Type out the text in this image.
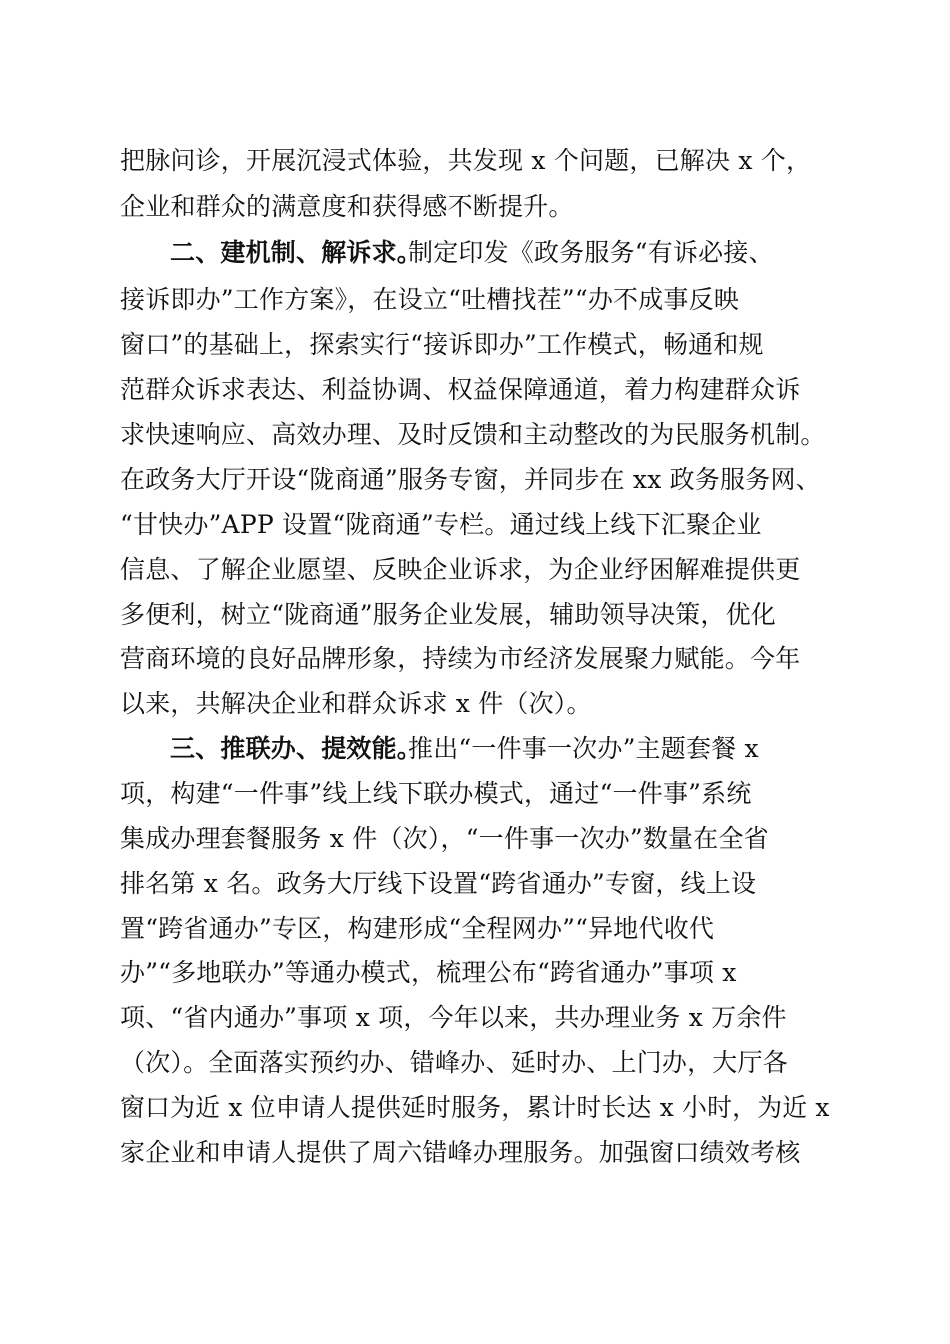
把脉问诊，开展沉浸式体验，共发现 x 个问题，已解决 x 个，
企业和群众的满意度和获得感不断提升。
二、建机制、解诉求。
制定印发《政务服务“有诉必接、
接诉即办”工作方案》，在设立“吐槽找茬”“办不成事反映
窗口”的基础上，探索实行“接诉即办”工作模式，畅通和规
范群众诉求表达、利益协调、权益保障通道，着力构建群众诉
求快速响应、高效办理、及时反馈和主动整改的为民服务机制。
在政务大厅开设“陇商通”服务专窗，并同步在 xx 政务服务网、
“甘快办”APP 设置“陇商通”专栏。通过线上线下汇聚企业
信息、了解企业愿望、反映企业诉求，为企业纾困解难提供更
多便利，树立“陇商通”服务企业发展，辅助领导决策，优化
营商环境的良好品牌形象，持续为市经济发展聚力赋能。今年
以来，共解决企业和群众诉求 x 件（次）。
三、推联办、提效能。
推出“一件事一次办”主题套餐 x
项，构建“一件事”线上线下联办模式，通过“一件事”系统
集成办理套餐服务 x 件（次），“一件事一次办”数量在全省
排名第 x 名。政务大厅线下设置“跨省通办”专窗，线上设
置“跨省通办”专区，构建形成“全程网办”“异地代收代
办”“多地联办”等通办模式，梳理公布“跨省通办”事项 x
项、“省内通办”事项 x 项，今年以来，共办理业务 x 万余件
（次）。全面落实预约办、错峰办、延时办、上门办，大厅各
窗口为近 x 位申请人提供延时服务，累计时长达 x 小时，为近 x
家企业和申请人提供了周六错峰办理服务。加强窗口绩效考核
